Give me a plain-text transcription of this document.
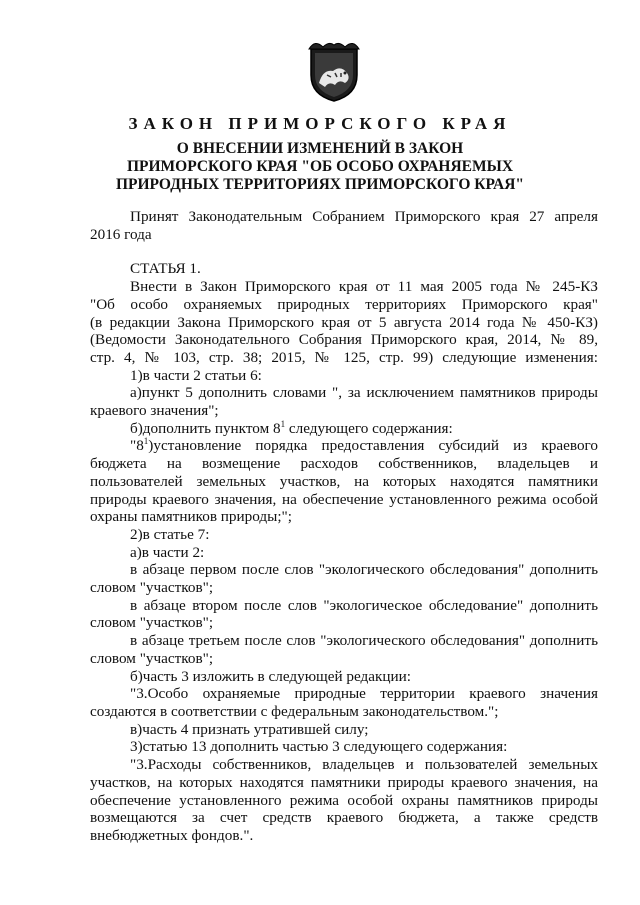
ЗАКОН ПРИМОРСКОГО КРАЯ
О ВНЕСЕНИИ ИЗМЕНЕНИЙ В ЗАКОН
ПРИМОРСКОГО КРАЯ "ОБ ОСОБО ОХРАНЯЕМЫХ
ПРИРОДНЫХ ТЕРРИТОРИЯХ ПРИМОРСКОГО КРАЯ"

Принят Законодательным Собранием Приморского края 27 апреля

2016 года

СТАТЬЯ 1.

Внести в Закон Приморского края от 11 мая 2005 года № 245-КЗ

"Об особо охраняемых природных территориях Приморского края"

(в редакции Закона Приморского края от 5 августа 2014 года № 450-КЗ)

(Ведомости Законодательного Собрания Приморского края, 2014, № 89,

стр. 4, № 103, стр. 38; 2015, № 125, стр. 99) следующие изменения:

1)в части 2 статьи 6:

а)пункт 5 дополнить словами ", за исключением памятников природы

краевого значения";

б)дополнить пунктом $8^1$ следующего содержания:

"$8^1)установление$ порядка предоставления субсидий из краевого

бюджета на возмещение расходов собственников, владельцев и

пользователей земельных участков, на которых находятся памятники

природы краевого значения, на обеспечение установленного режима особой

охраны памятников природы;";

2)в статье 7:

а)в части 2:

в абзаце первом после слов "экологического обследования" дополнить

словом "участков";

в абзаце втором после слов "экологическое обследование" дополнить

словом "участков";

в абзаце третьем после слов "экологического обследования" дополнить

словом "участков";

б)часть 3 изложить в следующей редакции:

"3.Особо охраняемые природные территории краевого значения

создаются в соответствии с федеральным законодательством.";

в)часть 4 признать утратившей силу;

3)статью 13 дополнить частью 3 следующего содержания:

"3.Расходы собственников, владельцев и пользователей земельных

участков, на которых находятся памятники природы краевого значения, на

обеспечение установленного режима особой охраны памятников природы

возмещаются за счет средств краевого бюджета, а также средств

внебюджетных фондов.".
